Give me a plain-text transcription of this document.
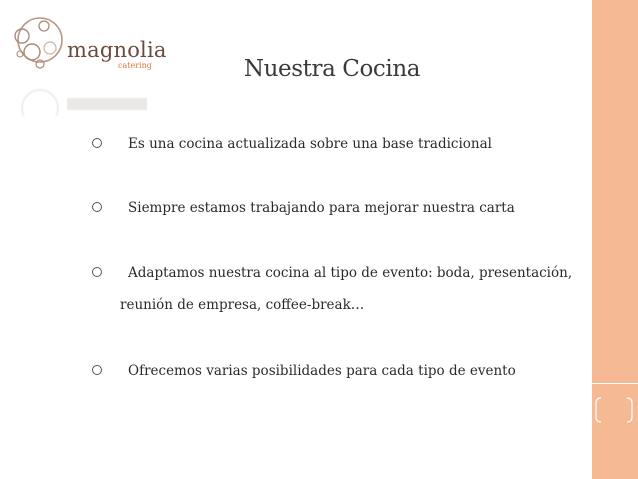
magnolia
catering	Nuestra Cocina
Es una cocina actualizada sobre una base tradicional
Siempre estamos trabajando para mejorar nuestra carta
Adaptamos nuestra cocina al tipo de evento: boda, presentación,
reunión de empresa, coffee-break…
Ofrecemos varias posibilidades para cada tipo de evento
